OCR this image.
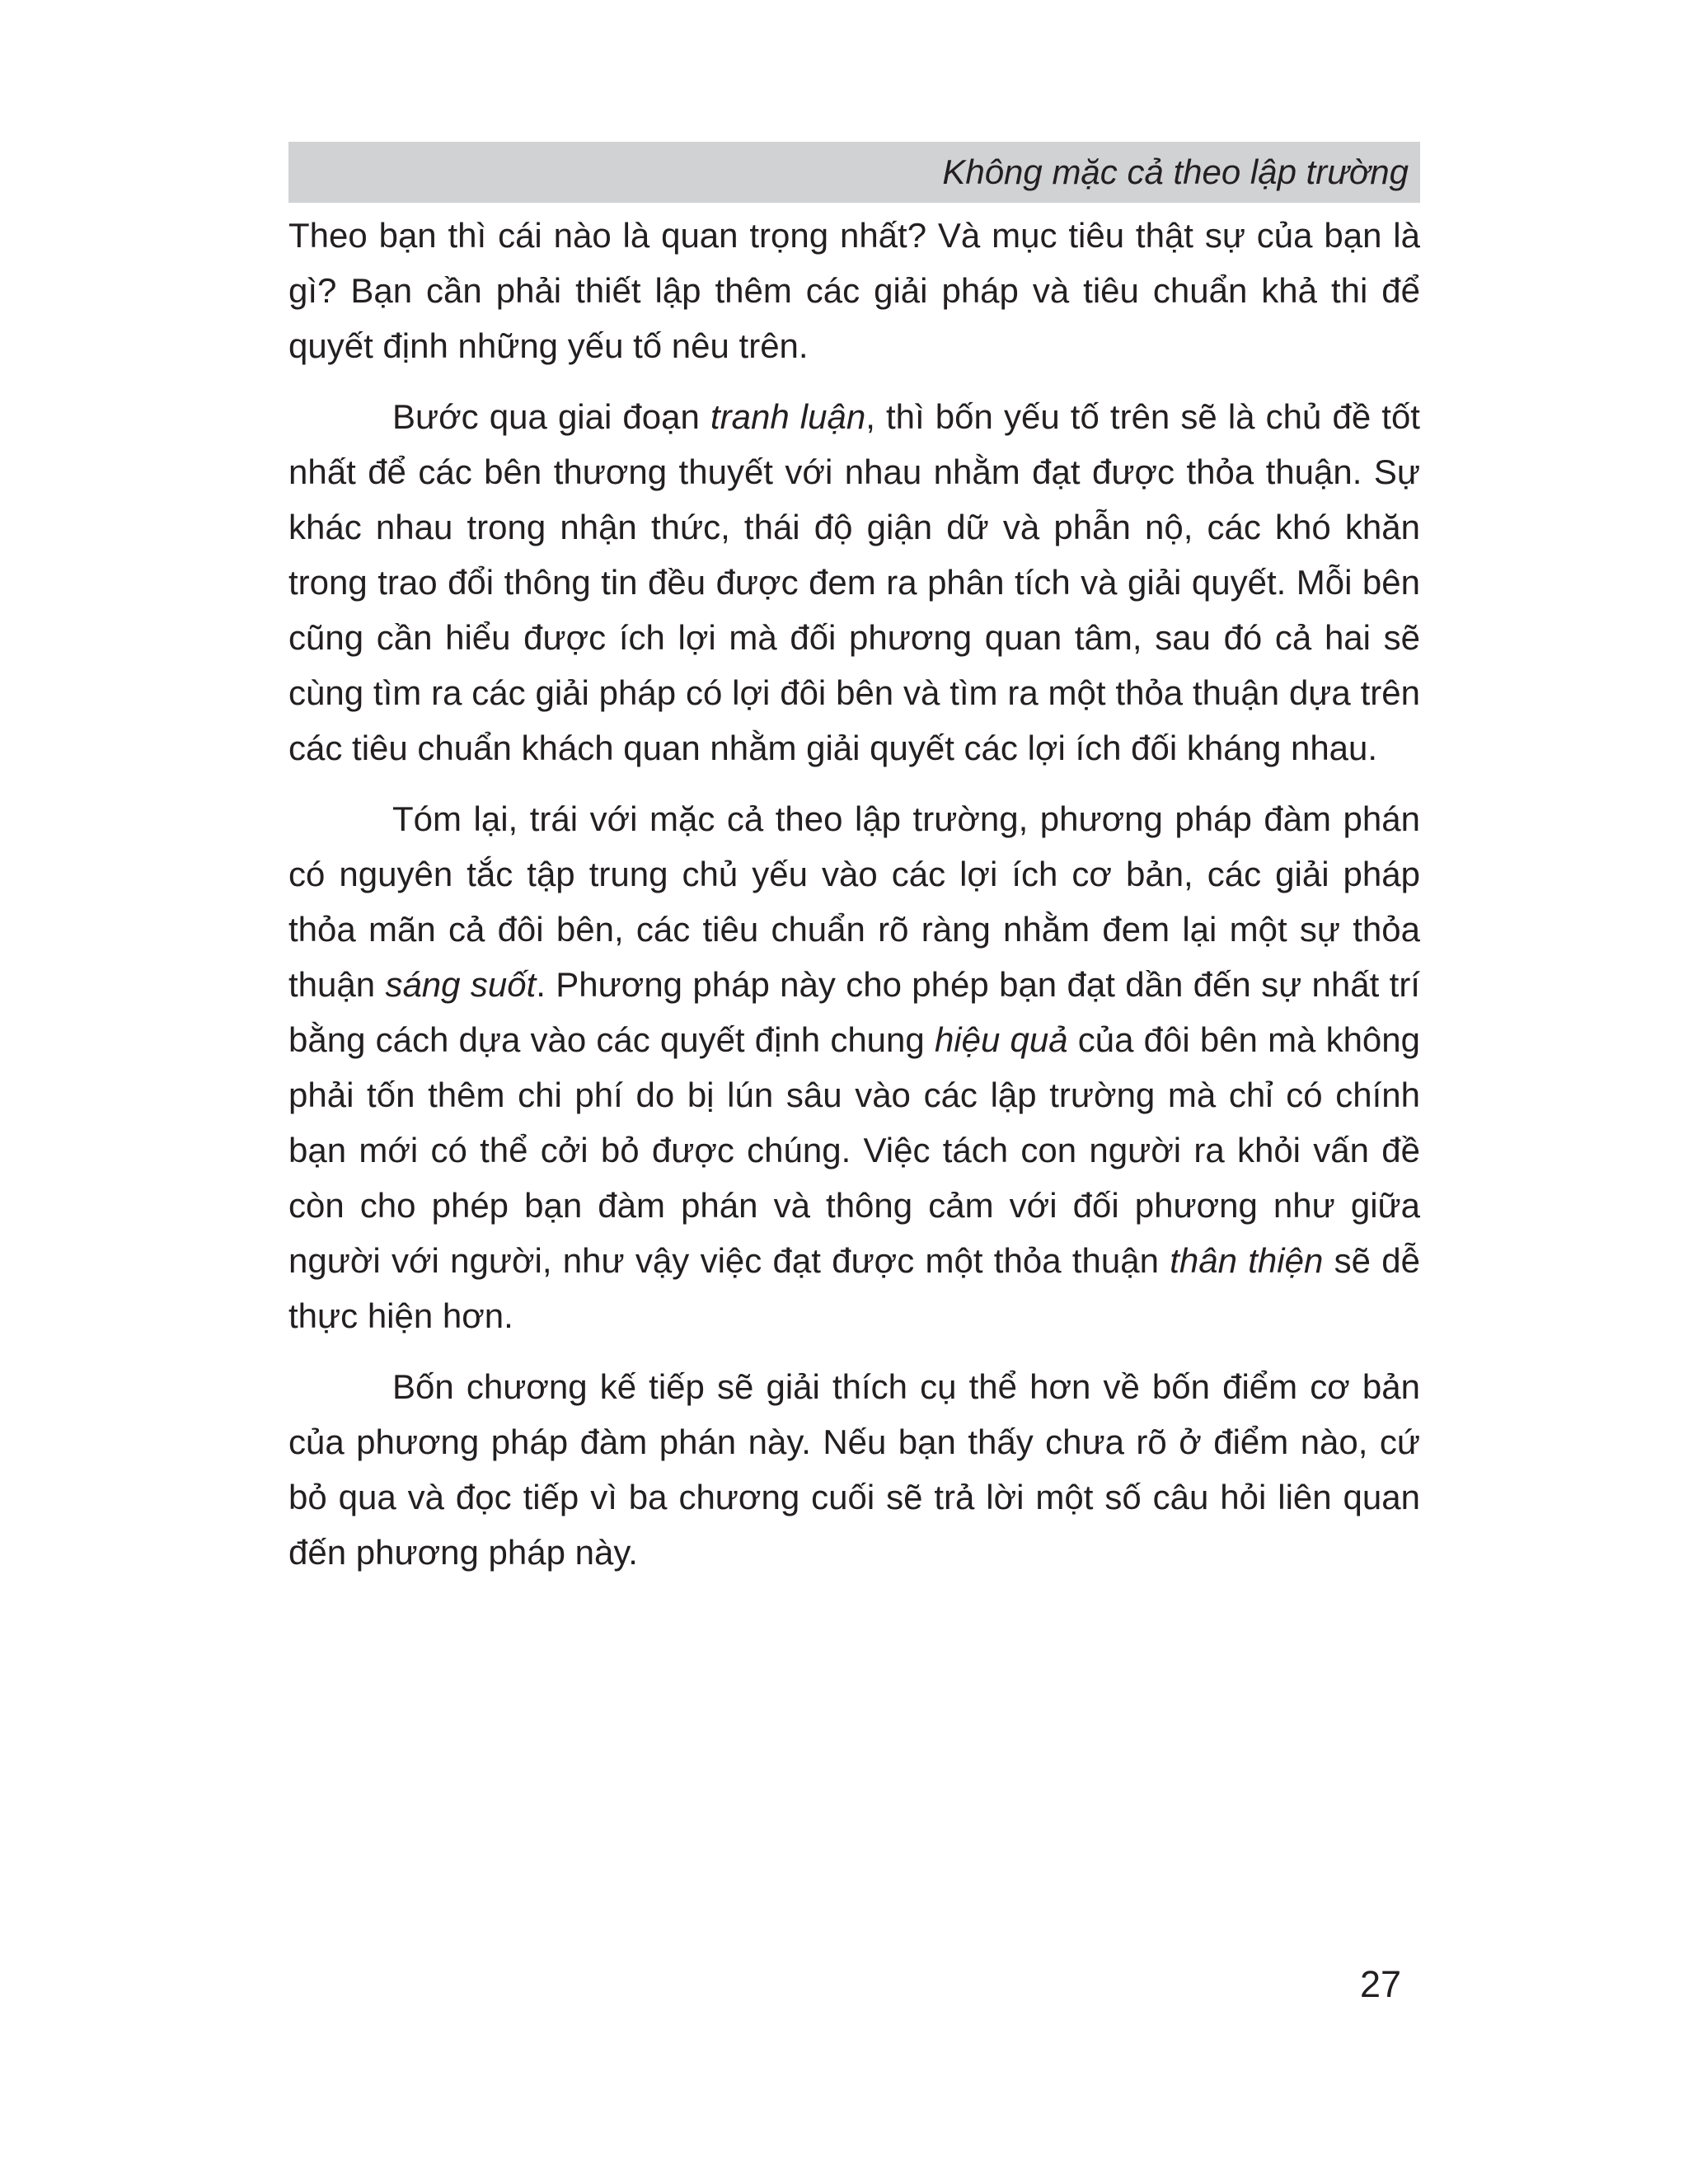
Không mặc cả theo lập trường

Theo bạn thì cái nào là quan trọng nhất? Và mục tiêu thật sự của bạn là gì? Bạn cần phải thiết lập thêm các giải pháp và tiêu chuẩn khả thi để quyết định những yếu tố nêu trên.

Bước qua giai đoạn tranh luận, thì bốn yếu tố trên sẽ là chủ đề tốt nhất để các bên thương thuyết với nhau nhằm đạt được thỏa thuận. Sự khác nhau trong nhận thức, thái độ giận dữ và phẫn nộ, các khó khăn trong trao đổi thông tin đều được đem ra phân tích và giải quyết. Mỗi bên cũng cần hiểu được ích lợi mà đối phương quan tâm, sau đó cả hai sẽ cùng tìm ra các giải pháp có lợi đôi bên và tìm ra một thỏa thuận dựa trên các tiêu chuẩn khách quan nhằm giải quyết các lợi ích đối kháng nhau.

Tóm lại, trái với mặc cả theo lập trường, phương pháp đàm phán có nguyên tắc tập trung chủ yếu vào các lợi ích cơ bản, các giải pháp thỏa mãn cả đôi bên, các tiêu chuẩn rõ ràng nhằm đem lại một sự thỏa thuận sáng suốt. Phương pháp này cho phép bạn đạt dần đến sự nhất trí bằng cách dựa vào các quyết định chung hiệu quả của đôi bên mà không phải tốn thêm chi phí do bị lún sâu vào các lập trường mà chỉ có chính bạn mới có thể cởi bỏ được chúng. Việc tách con người ra khỏi vấn đề còn cho phép bạn đàm phán và thông cảm với đối phương như giữa người với người, như vậy việc đạt được một thỏa thuận thân thiện sẽ dễ thực hiện hơn.

Bốn chương kế tiếp sẽ giải thích cụ thể hơn về bốn điểm cơ bản của phương pháp đàm phán này. Nếu bạn thấy chưa rõ ở điểm nào, cứ bỏ qua và đọc tiếp vì ba chương cuối sẽ trả lời một số câu hỏi liên quan đến phương pháp này.

27
